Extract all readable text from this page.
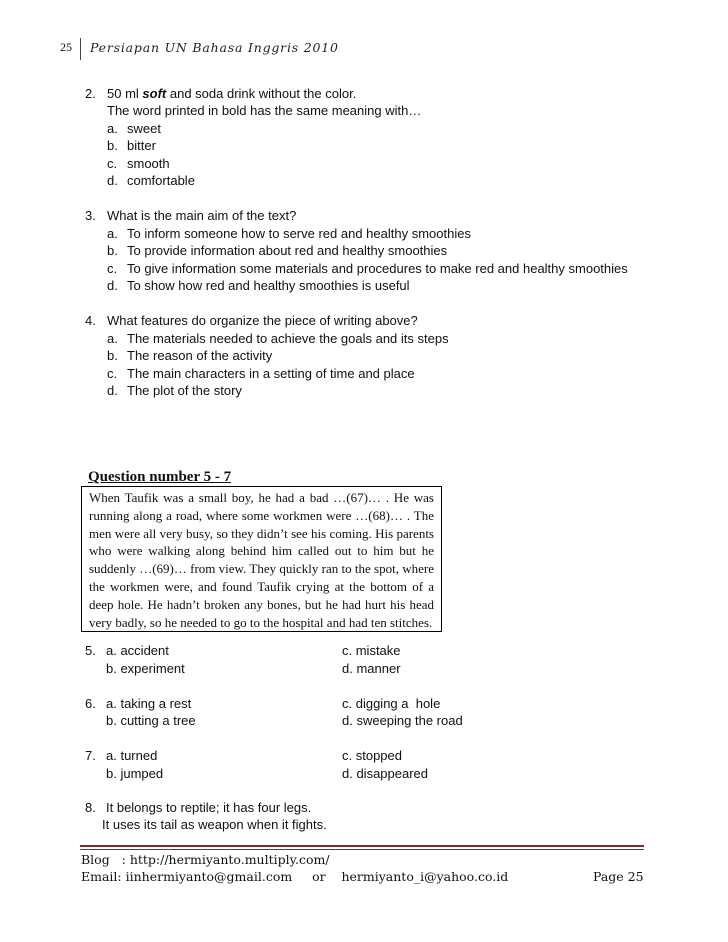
25 Persiapan UN Bahasa Inggris 2010
2. 50 ml soft and soda drink without the color.
The word printed in bold has the same meaning with…
a. sweet
b. bitter
c. smooth
d. comfortable
3. What is the main aim of the text?
a. To inform someone how to serve red and healthy smoothies
b. To provide information about red and healthy smoothies
c. To give information some materials and procedures to make red and healthy smoothies
d. To show how red and healthy smoothies is useful
4. What features do organize the piece of writing above?
a. The materials needed to achieve the goals and its steps
b. The reason of the activity
c. The main characters in a setting of time and place
d. The plot of the story
Question number 5 - 7
When Taufik was a small boy, he had a bad …(67)… . He was running along a road, where some workmen were …(68)… . The men were all very busy, so they didn’t see his coming. His parents who were walking along behind him called out to him but he suddenly …(69)… from view. They quickly ran to the spot, where the workmen were, and found Taufik crying at the bottom of a deep hole. He hadn’t broken any bones, but he had hurt his head very badly, so he needed to go to the hospital and had ten stitches.
5. a. accident
b. experiment
c. mistake
d. manner
6. a. taking a rest
b. cutting a tree
c. digging a  hole
d. sweeping the road
7. a. turned
b. jumped
c. stopped
d. disappeared
8. It belongs to reptile; it has four legs.
It uses its tail as weapon when it fights.
Blog   : http://hermiyanto.multiply.com/
Email: iinhermiyanto@gmail.com     or    hermiyanto_i@yahoo.co.id	Page 25
